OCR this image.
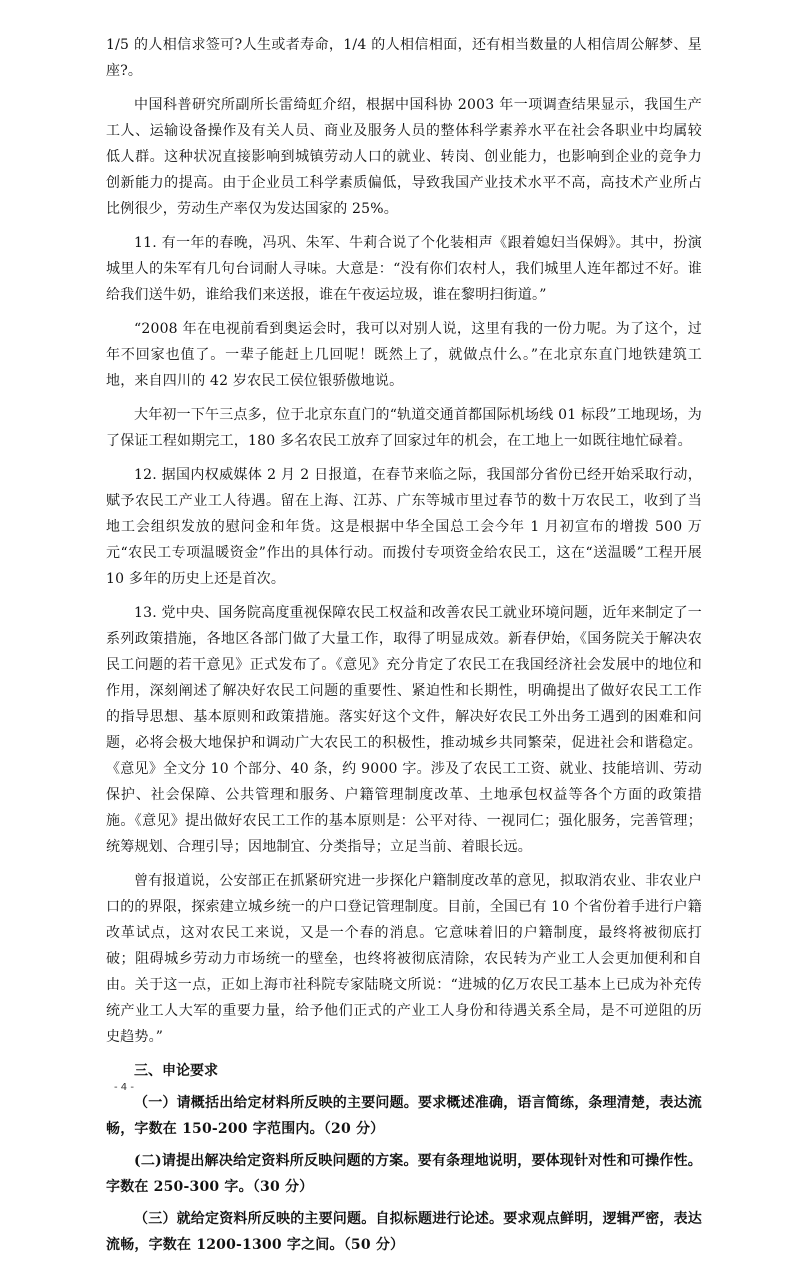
1/5 的人相信求签可?人生或者寿命，1/4 的人相信相面，还有相当数量的人相信周公解梦、星座?。

中国科普研究所副所长雷绮虹介绍，根据中国科协 2003 年一项调查结果显示，我国生产工人、运输设备操作及有关人员、商业及服务人员的整体科学素养水平在社会各职业中均属较低人群。这种状况直接影响到城镇劳动人口的就业、转岗、创业能力，也影响到企业的竞争力创新能力的提高。由于企业员工科学素质偏低，导致我国产业技术水平不高，高技术产业所占比例很少，劳动生产率仅为发达国家的 25%。

11. 有一年的春晚，冯巩、朱军、牛莉合说了个化装相声《跟着媳妇当保姆》。其中，扮演城里人的朱军有几句台词耐人寻味。大意是：“没有你们农村人，我们城里人连年都过不好。谁给我们送牛奶，谁给我们来送报，谁在午夜运垃圾，谁在黎明扫街道。”

“2008 年在电视前看到奥运会时，我可以对别人说，这里有我的一份力呢。为了这个，过年不回家也值了。一辈子能赶上几回呢！既然上了，就做点什么。”在北京东直门地铁建筑工地，来自四川的 42 岁农民工侯位银骄傲地说。

大年初一下午三点多，位于北京东直门的“轨道交通首都国际机场线 01 标段”工地现场，为了保证工程如期完工，180 多名农民工放弃了回家过年的机会，在工地上一如既往地忙碌着。

12. 据国内权威媒体 2 月 2 日报道，在春节来临之际，我国部分省份已经开始采取行动，赋予农民工产业工人待遇。留在上海、江苏、广东等城市里过春节的数十万农民工，收到了当地工会组织发放的慰问金和年货。这是根据中华全国总工会今年 1 月初宣布的增拨 500 万元“农民工专项温暖资金”作出的具体行动。而拨付专项资金给农民工，这在“送温暖”工程开展 10 多年的历史上还是首次。

13. 党中央、国务院高度重视保障农民工权益和改善农民工就业环境问题，近年来制定了一系列政策措施，各地区各部门做了大量工作，取得了明显成效。新春伊始，《国务院关于解决农民工问题的若干意见》正式发布了。《意见》充分肯定了农民工在我国经济社会发展中的地位和作用，深刻阐述了解决好农民工问题的重要性、紧迫性和长期性，明确提出了做好农民工工作的指导思想、基本原则和政策措施。落实好这个文件，解决好农民工外出务工遇到的困难和问题，必将会极大地保护和调动广大农民工的积极性，推动城乡共同繁荣，促进社会和谐稳定。《意见》全文分 10 个部分、40 条，约 9000 字。涉及了农民工工资、就业、技能培训、劳动保护、社会保障、公共管理和服务、户籍管理制度改革、土地承包权益等各个方面的政策措施。《意见》提出做好农民工工作的基本原则是：公平对待、一视同仁；强化服务，完善管理；统筹规划、合理引导；因地制宜、分类指导；立足当前、着眼长远。

曾有报道说，公安部正在抓紧研究进一步探化户籍制度改革的意见，拟取消农业、非农业户口的的界限，探索建立城乡统一的户口登记管理制度。目前，全国已有 10 个省份着手进行户籍改革试点，这对农民工来说，又是一个春的消息。它意味着旧的户籍制度，最终将被彻底打破；阻碍城乡劳动力市场统一的壁垒，也终将被彻底清除，农民转为产业工人会更加便利和自由。关于这一点，正如上海市社科院专家陆晓文所说：“进城的亿万农民工基本上已成为补充传统产业工人大军的重要力量，给予他们正式的产业工人身份和待遇关系全局，是不可逆阻的历史趋势。”

三、申论要求

（一）请概括出给定材料所反映的主要问题。要求概述准确，语言简练，条理清楚，表达流畅，字数在 150-200 字范围内。（20 分）

(二)请提出解决给定资料所反映问题的方案。要有条理地说明，要体现针对性和可操作性。字数在 250-300 字。（30 分）

（三）就给定资料所反映的主要问题。自拟标题进行论述。要求观点鲜明，逻辑严密，表达流畅，字数在 1200-1300 字之间。（50 分）

- 4 -
